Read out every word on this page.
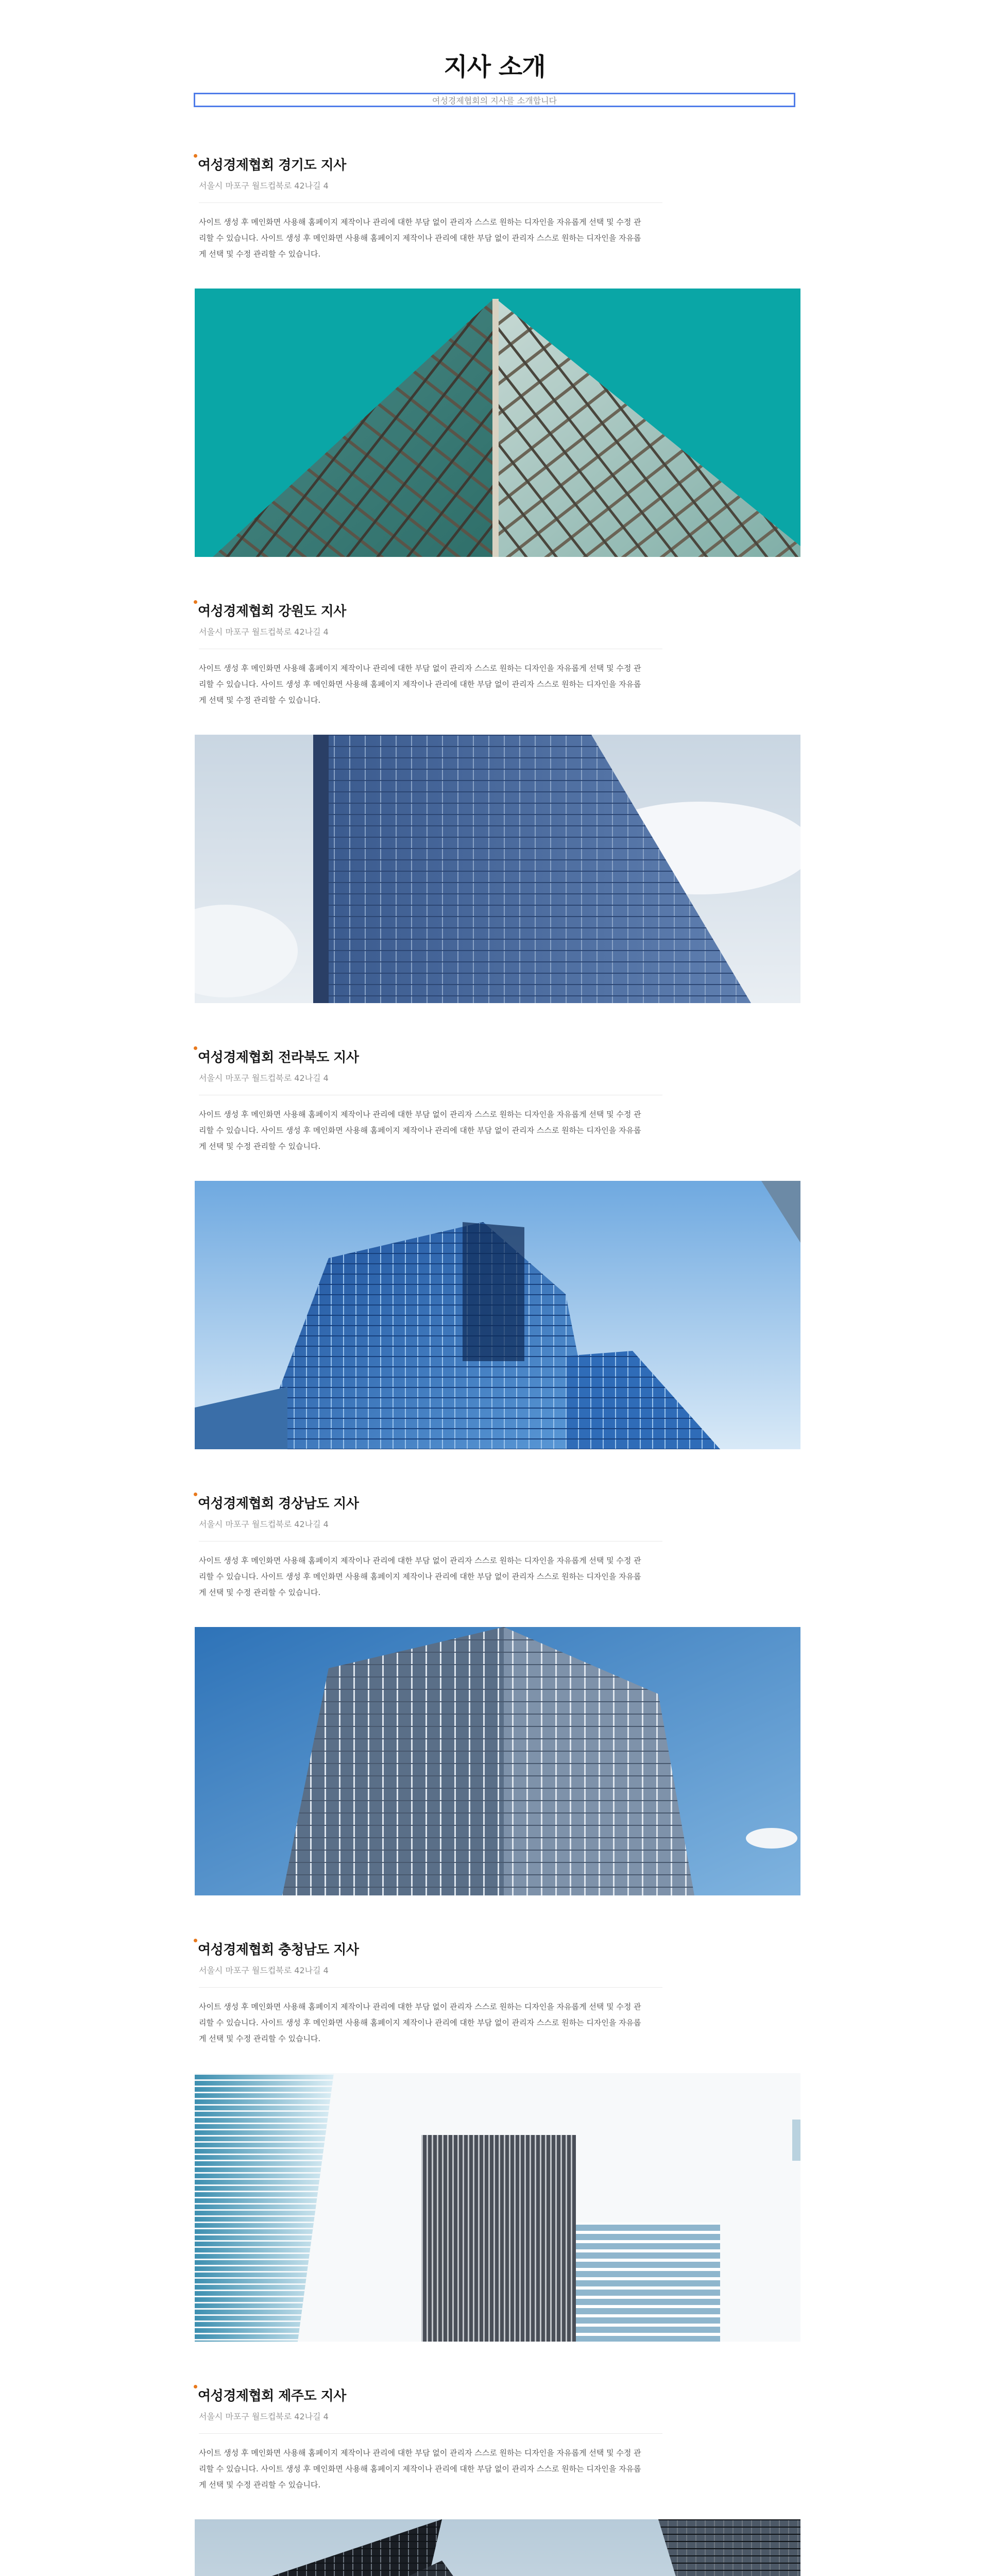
지사 소개
여성경제협회의 지사를 소개합니다
여성경제협회 경기도 지사
서울시 마포구 월드컵북로 42나길 4

사이트 생성 후 메인화면 사용해 홈페이지 제작이나 관리에 대한 부담 없이 관리자 스스로 원하는 디자인을 자유롭게 선택 및 수정 관리할 수 있습니다. 사이트 생성 후 메인화면 사용해 홈페이지 제작이나 관리에 대한 부담 없이 관리자 스스로 원하는 디자인을 자유롭게 선택 및 수정 관리할 수 있습니다.

여성경제협회 강원도 지사
서울시 마포구 월드컵북로 42나길 4

사이트 생성 후 메인화면 사용해 홈페이지 제작이나 관리에 대한 부담 없이 관리자 스스로 원하는 디자인을 자유롭게 선택 및 수정 관리할 수 있습니다. 사이트 생성 후 메인화면 사용해 홈페이지 제작이나 관리에 대한 부담 없이 관리자 스스로 원하는 디자인을 자유롭게 선택 및 수정 관리할 수 있습니다.

여성경제협회 전라북도 지사
서울시 마포구 월드컵북로 42나길 4

사이트 생성 후 메인화면 사용해 홈페이지 제작이나 관리에 대한 부담 없이 관리자 스스로 원하는 디자인을 자유롭게 선택 및 수정 관리할 수 있습니다. 사이트 생성 후 메인화면 사용해 홈페이지 제작이나 관리에 대한 부담 없이 관리자 스스로 원하는 디자인을 자유롭게 선택 및 수정 관리할 수 있습니다.

여성경제협회 경상남도 지사
서울시 마포구 월드컵북로 42나길 4

사이트 생성 후 메인화면 사용해 홈페이지 제작이나 관리에 대한 부담 없이 관리자 스스로 원하는 디자인을 자유롭게 선택 및 수정 관리할 수 있습니다. 사이트 생성 후 메인화면 사용해 홈페이지 제작이나 관리에 대한 부담 없이 관리자 스스로 원하는 디자인을 자유롭게 선택 및 수정 관리할 수 있습니다.

여성경제협회 충청남도 지사
서울시 마포구 월드컵북로 42나길 4

사이트 생성 후 메인화면 사용해 홈페이지 제작이나 관리에 대한 부담 없이 관리자 스스로 원하는 디자인을 자유롭게 선택 및 수정 관리할 수 있습니다. 사이트 생성 후 메인화면 사용해 홈페이지 제작이나 관리에 대한 부담 없이 관리자 스스로 원하는 디자인을 자유롭게 선택 및 수정 관리할 수 있습니다.

여성경제협회 제주도 지사
서울시 마포구 월드컵북로 42나길 4

사이트 생성 후 메인화면 사용해 홈페이지 제작이나 관리에 대한 부담 없이 관리자 스스로 원하는 디자인을 자유롭게 선택 및 수정 관리할 수 있습니다. 사이트 생성 후 메인화면 사용해 홈페이지 제작이나 관리에 대한 부담 없이 관리자 스스로 원하는 디자인을 자유롭게 선택 및 수정 관리할 수 있습니다.
